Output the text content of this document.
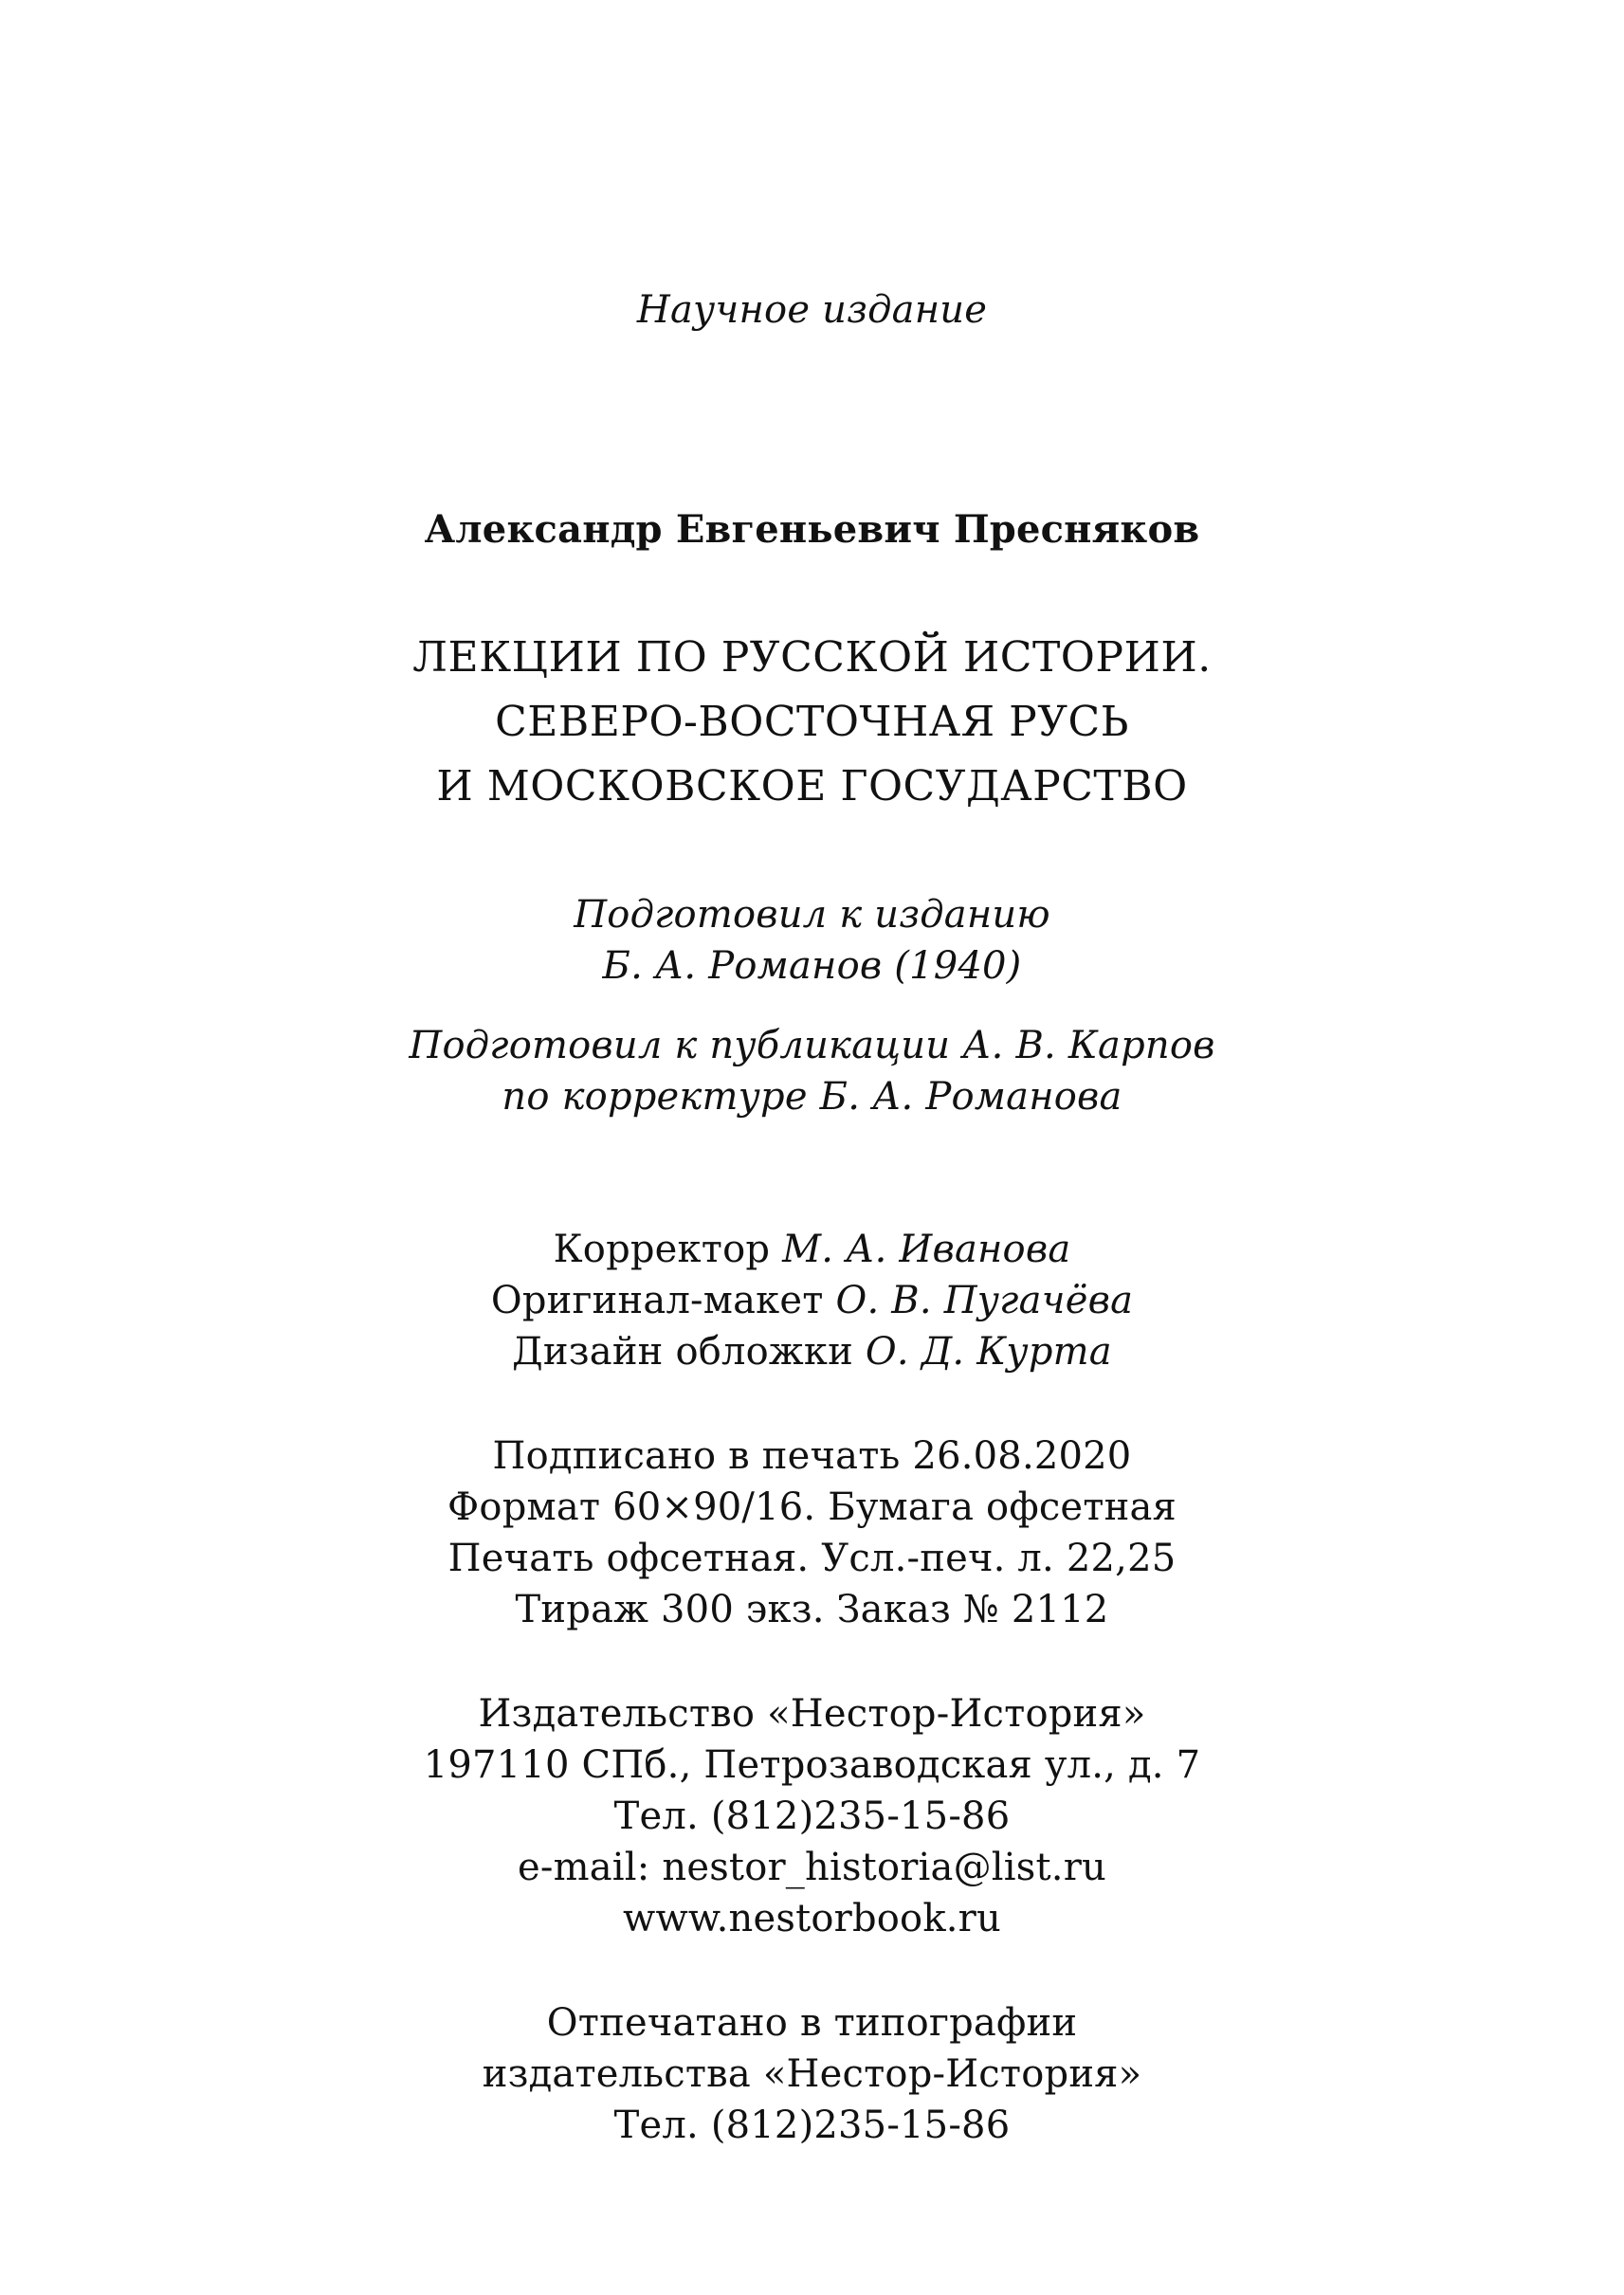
Научное издание
Александр Евгеньевич Пресняков
ЛЕКЦИИ ПО РУССКОЙ ИСТОРИИ.
СЕВЕРО-ВОСТОЧНАЯ РУСЬ
И МОСКОВСКОЕ ГОСУДАРСТВО
Подготовил к изданию
Б. А. Романов (1940)
Подготовил к публикации А. В. Карпов
по корректуре Б. А. Романова
Корректор М. А. Иванова
Оригинал-макет О. В. Пугачёва
Дизайн обложки О. Д. Курта
Подписано в печать 26.08.2020
Формат 60×90/16. Бумага офсетная
Печать офсетная. Усл.-печ. л. 22,25
Тираж 300 экз. Заказ № 2112
Издательство «Нестор-История»
197110 СПб., Петрозаводская ул., д. 7
Тел. (812)235-15-86
e-mail: nestor_historia@list.ru
www.nestorbook.ru
Отпечатано в типографии
издательства «Нестор-История»
Тел. (812)235-15-86
